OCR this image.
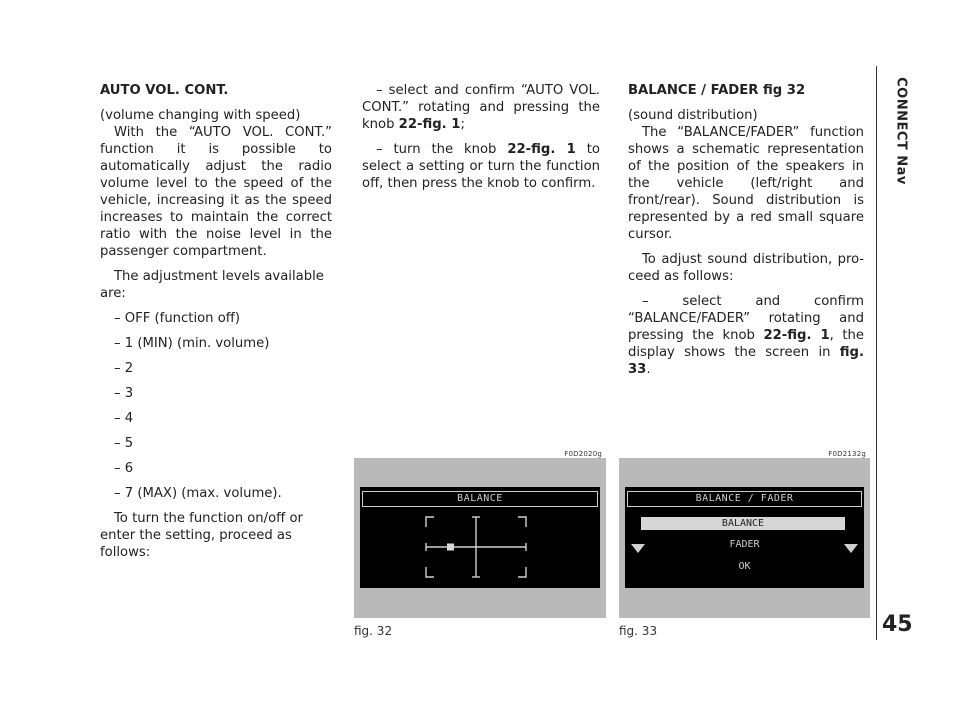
AUTO VOL. CONT.

(volume changing with speed)

With the “AUTO VOL. CONT.” function it is possible to automatically adjust the radio volume level to the speed of the vehicle, increasing it as the speed increases to maintain the correct ratio with the noise level in the passenger compartment.

The adjustment levels available are:

– OFF (function off)

– 1 (MIN) (min. volume)

– 2

– 3

– 4

– 5

– 6

– 7 (MAX) (max. volume).

To turn the function on/off or enter the setting, proceed as follows:

– select and confirm “AUTO VOL. CONT.” rotating and pressing the knob 22-fig. 1;

– turn the knob 22-fig. 1 to select a setting or turn the function off, then press the knob to confirm.

BALANCE / FADER fig 32

(sound distribution)

The “BALANCE/FADER” function shows a schematic representation of the position of the speakers in the vehicle (left/right and front/rear). Sound distribution is represented by a red small square cursor.

To adjust sound distribution, proceed as follows:

– select and confirm “BALANCE/FADER” rotating and pressing the knob 22-fig. 1, the display shows the screen in fig. 33.

F0D2020g
BALANCE
fig. 32
F0D2132g
BALANCE / FADER
BALANCE
FADER
OK
fig. 33
CONNECT Nav
45
